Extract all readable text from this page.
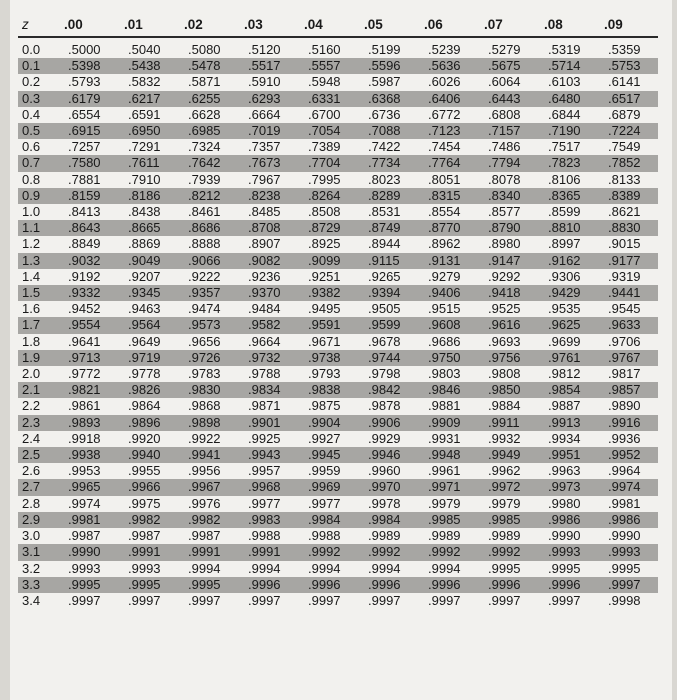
z	.00	.01	.02	.03	.04	.05	.06	.07	.08	.09
0.0	.5000	.5040	.5080	.5120	.5160	.5199	.5239	.5279	.5319	.5359
0.1	.5398	.5438	.5478	.5517	.5557	.5596	.5636	.5675	.5714	.5753
0.2	.5793	.5832	.5871	.5910	.5948	.5987	.6026	.6064	.6103	.6141
0.3	.6179	.6217	.6255	.6293	.6331	.6368	.6406	.6443	.6480	.6517
0.4	.6554	.6591	.6628	.6664	.6700	.6736	.6772	.6808	.6844	.6879
0.5	.6915	.6950	.6985	.7019	.7054	.7088	.7123	.7157	.7190	.7224
0.6	.7257	.7291	.7324	.7357	.7389	.7422	.7454	.7486	.7517	.7549
0.7	.7580	.7611	.7642	.7673	.7704	.7734	.7764	.7794	.7823	.7852
0.8	.7881	.7910	.7939	.7967	.7995	.8023	.8051	.8078	.8106	.8133
0.9	.8159	.8186	.8212	.8238	.8264	.8289	.8315	.8340	.8365	.8389
1.0	.8413	.8438	.8461	.8485	.8508	.8531	.8554	.8577	.8599	.8621
1.1	.8643	.8665	.8686	.8708	.8729	.8749	.8770	.8790	.8810	.8830
1.2	.8849	.8869	.8888	.8907	.8925	.8944	.8962	.8980	.8997	.9015
1.3	.9032	.9049	.9066	.9082	.9099	.9115	.9131	.9147	.9162	.9177
1.4	.9192	.9207	.9222	.9236	.9251	.9265	.9279	.9292	.9306	.9319
1.5	.9332	.9345	.9357	.9370	.9382	.9394	.9406	.9418	.9429	.9441
1.6	.9452	.9463	.9474	.9484	.9495	.9505	.9515	.9525	.9535	.9545
1.7	.9554	.9564	.9573	.9582	.9591	.9599	.9608	.9616	.9625	.9633
1.8	.9641	.9649	.9656	.9664	.9671	.9678	.9686	.9693	.9699	.9706
1.9	.9713	.9719	.9726	.9732	.9738	.9744	.9750	.9756	.9761	.9767
2.0	.9772	.9778	.9783	.9788	.9793	.9798	.9803	.9808	.9812	.9817
2.1	.9821	.9826	.9830	.9834	.9838	.9842	.9846	.9850	.9854	.9857
2.2	.9861	.9864	.9868	.9871	.9875	.9878	.9881	.9884	.9887	.9890
2.3	.9893	.9896	.9898	.9901	.9904	.9906	.9909	.9911	.9913	.9916
2.4	.9918	.9920	.9922	.9925	.9927	.9929	.9931	.9932	.9934	.9936
2.5	.9938	.9940	.9941	.9943	.9945	.9946	.9948	.9949	.9951	.9952
2.6	.9953	.9955	.9956	.9957	.9959	.9960	.9961	.9962	.9963	.9964
2.7	.9965	.9966	.9967	.9968	.9969	.9970	.9971	.9972	.9973	.9974
2.8	.9974	.9975	.9976	.9977	.9977	.9978	.9979	.9979	.9980	.9981
2.9	.9981	.9982	.9982	.9983	.9984	.9984	.9985	.9985	.9986	.9986
3.0	.9987	.9987	.9987	.9988	.9988	.9989	.9989	.9989	.9990	.9990
3.1	.9990	.9991	.9991	.9991	.9992	.9992	.9992	.9992	.9993	.9993
3.2	.9993	.9993	.9994	.9994	.9994	.9994	.9994	.9995	.9995	.9995
3.3	.9995	.9995	.9995	.9996	.9996	.9996	.9996	.9996	.9996	.9997
3.4	.9997	.9997	.9997	.9997	.9997	.9997	.9997	.9997	.9997	.9998
